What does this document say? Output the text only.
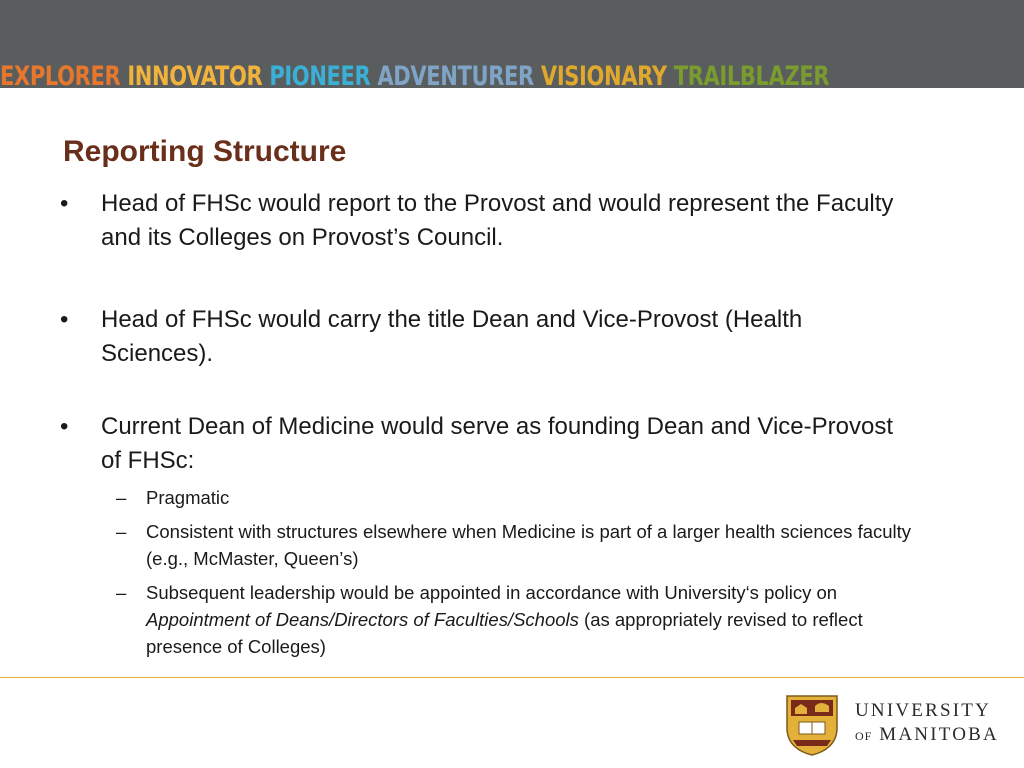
EXPLORER INNOVATOR PIONEER ADVENTURER VISIONARY TRAILBLAZER
Reporting Structure
•	Head of FHSc would report to the Provost and would represent the Faculty and its Colleges on Provost’s Council.
•	Head of FHSc would carry the title Dean and Vice-Provost (Health Sciences).
•	Current Dean of Medicine would serve as founding Dean and Vice-Provost of FHSc:
– Pragmatic
– Consistent with structures elsewhere when Medicine is part of a larger health sciences faculty (e.g., McMaster, Queen’s)
– Subsequent leadership would be appointed in accordance with University‘s policy on Appointment of Deans/Directors of Faculties/Schools (as appropriately revised to reflect presence of Colleges)
UNIVERSITY
OF MANITOBA
